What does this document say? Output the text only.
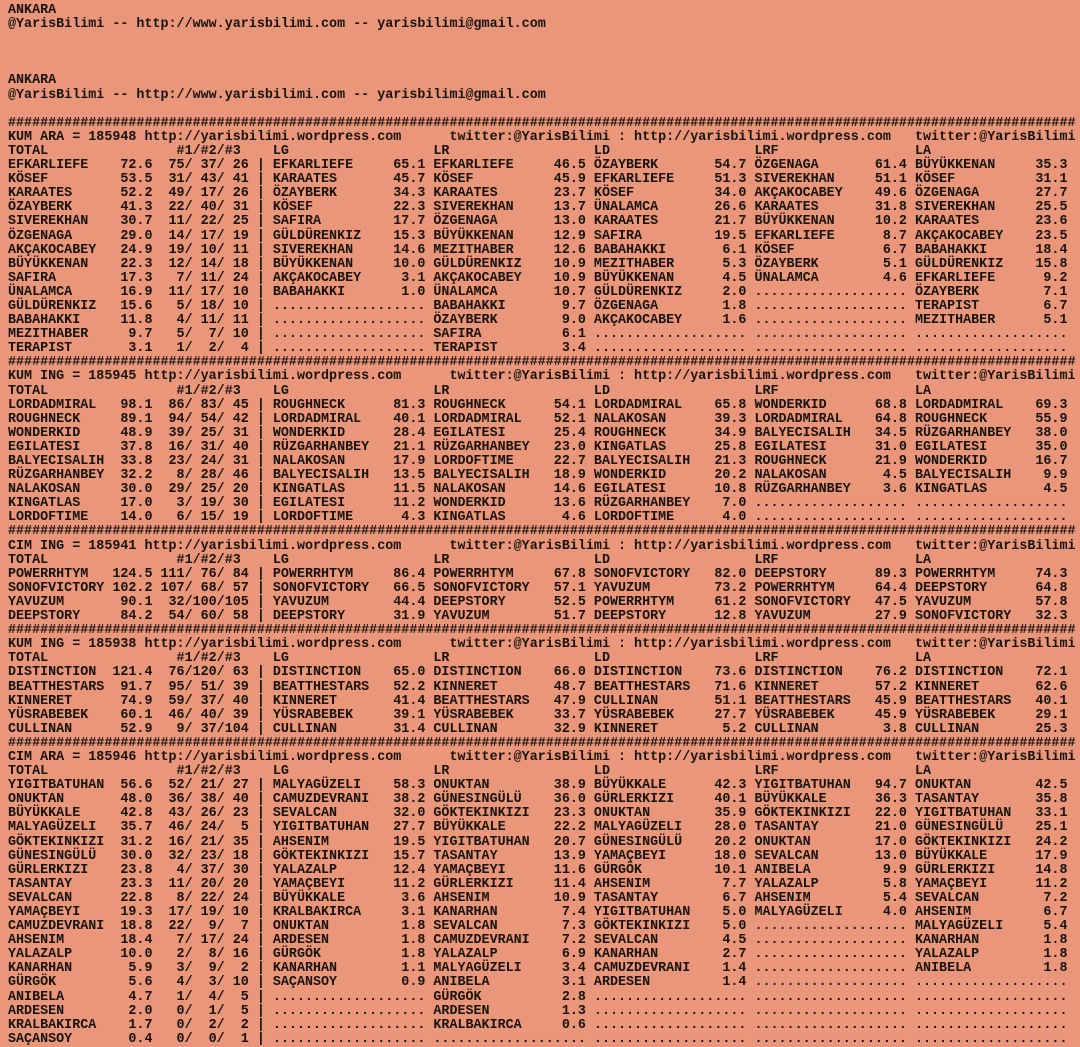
ANKARA
@YarisBilimi -- http://www.yarisbilimi.com -- yarisbilimi@gmail.com
ANKARA
@YarisBilimi -- http://www.yarisbilimi.com -- yarisbilimi@gmail.com
#####################################################################################################################################
KUM ARA = 185948 http://yarisbilimi.wordpress.com      twitter:@YarisBilimi : http://yarisbilimi.wordpress.com   twitter:@YarisBilimi
TOTAL                #1/#2/#3    LG                  LR                  LD                  LRF                 LA
EFKARLIEFE    72.6  75/ 37/ 26 | EFKARLIEFE     65.1 EFKARLIEFE     46.5 ÖZAYBERK       54.7 ÖZGENAGA       61.4 BÜYÜKKENAN     35.3
KÖSEF         53.5  31/ 43/ 41 | KARAATES       45.7 KÖSEF          45.9 EFKARLIEFE     51.3 SIVEREKHAN     51.1 KÖSEF          31.1
KARAATES      52.2  49/ 17/ 26 | ÖZAYBERK       34.3 KARAATES       23.7 KÖSEF          34.0 AKÇAKOCABEY    49.6 ÖZGENAGA       27.7
ÖZAYBERK      41.3  22/ 40/ 31 | KÖSEF          22.3 SIVEREKHAN     13.7 ÜNALAMCA       26.6 KARAATES       31.8 SIVEREKHAN     25.5
SIVEREKHAN    30.7  11/ 22/ 25 | SAFIRA         17.7 ÖZGENAGA       13.0 KARAATES       21.7 BÜYÜKKENAN     10.2 KARAATES       23.6
ÖZGENAGA      29.0  14/ 17/ 19 | GÜLDÜRENKIZ    15.3 BÜYÜKKENAN     12.9 SAFIRA         19.5 EFKARLIEFE      8.7 AKÇAKOCABEY    23.5
AKÇAKOCABEY   24.9  19/ 10/ 11 | SIVEREKHAN     14.6 MEZITHABER     12.6 BABAHAKKI       6.1 KÖSEF           6.7 BABAHAKKI      18.4
BÜYÜKKENAN    22.3  12/ 14/ 18 | BÜYÜKKENAN     10.0 GÜLDÜRENKIZ    10.9 MEZITHABER      5.3 ÖZAYBERK        5.1 GÜLDÜRENKIZ    15.8
SAFIRA        17.3   7/ 11/ 24 | AKÇAKOCABEY     3.1 AKÇAKOCABEY    10.9 BÜYÜKKENAN      4.5 ÜNALAMCA        4.6 EFKARLIEFE      9.2
ÜNALAMCA      16.9  11/ 17/ 10 | BABAHAKKI       1.0 ÜNALAMCA       10.7 GÜLDÜRENKIZ     2.0 ................... ÖZAYBERK        7.1
GÜLDÜRENKIZ   15.6   5/ 18/ 10 | ................... BABAHAKKI       9.7 ÖZGENAGA        1.8 ................... TERAPIST        6.7
BABAHAKKI     11.8   4/ 11/ 11 | ................... ÖZAYBERK        9.0 AKÇAKOCABEY     1.6 ................... MEZITHABER      5.1
MEZITHABER     9.7   5/  7/ 10 | ................... SAFIRA          6.1 ................... ................... ...................
TERAPIST       3.1   1/  2/  4 | ................... TERAPIST        3.4 ................... ................... ...................
#####################################################################################################################################
KUM ING = 185945 http://yarisbilimi.wordpress.com      twitter:@YarisBilimi : http://yarisbilimi.wordpress.com   twitter:@YarisBilimi
TOTAL                #1/#2/#3    LG                  LR                  LD                  LRF                 LA
LORDADMIRAL   98.1  86/ 83/ 45 | ROUGHNECK      81.3 ROUGHNECK      54.1 LORDADMIRAL    65.8 WONDERKID      68.8 LORDADMIRAL    69.3
ROUGHNECK     89.1  94/ 54/ 42 | LORDADMIRAL    40.1 LORDADMIRAL    52.1 NALAKOSAN      39.3 LORDADMIRAL    64.8 ROUGHNECK      55.9
WONDERKID     48.9  39/ 25/ 31 | WONDERKID      28.4 EGILATESI      25.4 ROUGHNECK      34.9 BALYECISALIH   34.5 RÜZGARHANBEY   38.0
EGILATESI     37.8  16/ 31/ 40 | RÜZGARHANBEY   21.1 RÜZGARHANBEY   23.0 KINGATLAS      25.8 EGILATESI      31.0 EGILATESI      35.0
BALYECISALIH  33.8  23/ 24/ 31 | NALAKOSAN      17.9 LORDOFTIME     22.7 BALYECISALIH   21.3 ROUGHNECK      21.9 WONDERKID      16.7
RÜZGARHANBEY  32.2   8/ 28/ 46 | BALYECISALIH   13.5 BALYECISALIH   18.9 WONDERKID      20.2 NALAKOSAN       4.5 BALYECISALIH    9.9
NALAKOSAN     30.0  29/ 25/ 20 | KINGATLAS      11.5 NALAKOSAN      14.6 EGILATESI      10.8 RÜZGARHANBEY    3.6 KINGATLAS       4.5
KINGATLAS     17.0   3/ 19/ 30 | EGILATESI      11.2 WONDERKID      13.6 RÜZGARHANBEY    7.0 ................... ...................
LORDOFTIME    14.0   6/ 15/ 19 | LORDOFTIME      4.3 KINGATLAS       4.6 LORDOFTIME      4.0 ................... ...................
#####################################################################################################################################
CIM ING = 185941 http://yarisbilimi.wordpress.com      twitter:@YarisBilimi : http://yarisbilimi.wordpress.com   twitter:@YarisBilimi
TOTAL                #1/#2/#3    LG                  LR                  LD                  LRF                 LA
POWERRHTYM   124.5 111/ 76/ 84 | POWERRHTYM     86.4 POWERRHTYM     67.8 SONOFVICTORY   82.0 DEEPSTORY      89.3 POWERRHTYM     74.3
SONOFVICTORY 102.2 107/ 68/ 57 | SONOFVICTORY   66.5 SONOFVICTORY   57.1 YAVUZUM        73.2 POWERRHTYM     64.4 DEEPSTORY      64.8
YAVUZUM       90.1  32/100/105 | YAVUZUM        44.4 DEEPSTORY      52.5 POWERRHTYM     61.2 SONOFVICTORY   47.5 YAVUZUM        57.8
DEEPSTORY     84.2  54/ 60/ 58 | DEEPSTORY      31.9 YAVUZUM        51.7 DEEPSTORY      12.8 YAVUZUM        27.9 SONOFVICTORY   32.3
#####################################################################################################################################
KUM ING = 185938 http://yarisbilimi.wordpress.com      twitter:@YarisBilimi : http://yarisbilimi.wordpress.com   twitter:@YarisBilimi
TOTAL                #1/#2/#3    LG                  LR                  LD                  LRF                 LA
DISTINCTION  121.4  76/120/ 63 | DISTINCTION    65.0 DISTINCTION    66.0 DISTINCTION    73.6 DISTINCTION    76.2 DISTINCTION    72.1
BEATTHESTARS  91.7  95/ 51/ 39 | BEATTHESTARS   52.2 KINNERET       48.7 BEATTHESTARS   71.6 KINNERET       57.2 KINNERET       62.6
KINNERET      74.9  59/ 37/ 40 | KINNERET       41.4 BEATTHESTARS   47.9 CULLINAN       51.1 BEATTHESTARS   45.9 BEATTHESTARS   40.1
YÜSRABEBEK    60.1  46/ 40/ 39 | YÜSRABEBEK     39.1 YÜSRABEBEK     33.7 YÜSRABEBEK     27.7 YÜSRABEBEK     45.9 YÜSRABEBEK     29.1
CULLINAN      52.9   9/ 37/104 | CULLINAN       31.4 CULLINAN       32.9 KINNERET        5.2 CULLINAN        3.8 CULLINAN       25.3
#####################################################################################################################################
CIM ARA = 185946 http://yarisbilimi.wordpress.com      twitter:@YarisBilimi : http://yarisbilimi.wordpress.com   twitter:@YarisBilimi
TOTAL                #1/#2/#3    LG                  LR                  LD                  LRF                 LA
YIGITBATUHAN  56.6  52/ 21/ 27 | MALYAGÜZELI    58.3 ONUKTAN        38.9 BÜYÜKKALE      42.3 YIGITBATUHAN   94.7 ONUKTAN        42.5
ONUKTAN       48.0  36/ 38/ 40 | CAMUZDEVRANI   38.2 GÜNESINGÜLÜ    36.0 GÜRLERKIZI     40.1 BÜYÜKKALE      36.3 TASANTAY       35.8
BÜYÜKKALE     42.8  43/ 26/ 23 | SEVALCAN       32.0 GÖKTEKINKIZI   23.3 ONUKTAN        35.9 GÖKTEKINKIZI   22.0 YIGITBATUHAN   33.1
MALYAGÜZELI   35.7  46/ 24/  5 | YIGITBATUHAN   27.7 BÜYÜKKALE      22.2 MALYAGÜZELI    28.0 TASANTAY       21.0 GÜNESINGÜLÜ    25.1
GÖKTEKINKIZI  31.2  16/ 21/ 35 | AHSENIM        19.5 YIGITBATUHAN   20.7 GÜNESINGÜLÜ    20.2 ONUKTAN        17.0 GÖKTEKINKIZI   24.2
GÜNESINGÜLÜ   30.0  32/ 23/ 18 | GÖKTEKINKIZI   15.7 TASANTAY       13.9 YAMAÇBEYI      18.0 SEVALCAN       13.0 BÜYÜKKALE      17.9
GÜRLERKIZI    23.8   4/ 37/ 30 | YALAZALP       12.4 YAMAÇBEYI      11.6 GÜRGÖK         10.1 ANIBELA         9.9 GÜRLERKIZI     14.8
TASANTAY      23.3  11/ 20/ 20 | YAMAÇBEYI      11.2 GÜRLERKIZI     11.4 AHSENIM         7.7 YALAZALP        5.8 YAMAÇBEYI      11.2
SEVALCAN      22.8   8/ 22/ 24 | BÜYÜKKALE       3.6 AHSENIM        10.9 TASANTAY        6.7 AHSENIM         5.4 SEVALCAN        7.2
YAMAÇBEYI     19.3  17/ 19/ 10 | KRALBAKIRCA     3.1 KANARHAN        7.4 YIGITBATUHAN    5.0 MALYAGÜZELI     4.0 AHSENIM         6.7
CAMUZDEVRANI  18.8  22/  9/  7 | ONUKTAN         1.8 SEVALCAN        7.3 GÖKTEKINKIZI    5.0 ................... MALYAGÜZELI     5.4
AHSENIM       18.4   7/ 17/ 24 | ARDESEN         1.8 CAMUZDEVRANI    7.2 SEVALCAN        4.5 ................... KANARHAN        1.8
YALAZALP      10.0   2/  8/ 16 | GÜRGÖK          1.8 YALAZALP        6.9 KANARHAN        2.7 ................... YALAZALP        1.8
KANARHAN       5.9   3/  9/  2 | KANARHAN        1.1 MALYAGÜZELI     3.4 CAMUZDEVRANI    1.4 ................... ANIBELA         1.8
GÜRGÖK         5.6   4/  3/ 10 | SAÇANSOY        0.9 ANIBELA         3.1 ARDESEN         1.4 ................... ...................
ANIBELA        4.7   1/  4/  5 | ................... GÜRGÖK          2.8 ................... ................... ...................
ARDESEN        2.0   0/  1/  5 | ................... ARDESEN         1.3 ................... ................... ...................
KRALBAKIRCA    1.7   0/  2/  2 | ................... KRALBAKIRCA     0.6 ................... ................... ...................
SAÇANSOY       0.4   0/  0/  1 | ................... ................... ................... ................... ...................
